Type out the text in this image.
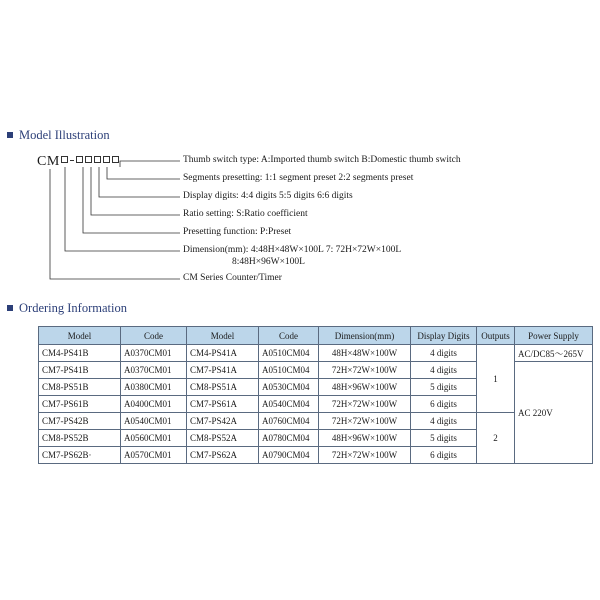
Model Illustration
CM	Thumb switch type: A:Imported thumb switch B:Domestic thumb switch
Segments presetting: 1:1 segment preset 2:2 segments preset
Display digits: 4:4 digits 5:5 digits 6:6 digits
Ratio setting: S:Ratio coefficient
Presetting function: P:Preset
Dimension(mm): 4:48H×48W×100L 7: 72H×72W×100L
8:48H×96W×100L
CM Series Counter/Timer
Ordering Information
Model	Code	Model	Code	Dimension(mm)	Display Digits	Outputs	Power Supply
CM4-PS41B	A0370CM01	CM4-PS41A	A0510CM04	48H×48W×100W	4 digits	1	AC/DC85～265V
CM7-PS41B	A0370CM01	CM7-PS41A	A0510CM04	72H×72W×100W	4 digits		AC 220V
CM8-PS51B	A0380CM01	CM8-PS51A	A0530CM04	48H×96W×100W	5 digits		
CM7-PS61B	A0400CM01	CM7-PS61A	A0540CM04	72H×72W×100W	6 digits		
CM7-PS42B	A0540CM01	CM7-PS42A	A0760CM04	72H×72W×100W	4 digits	2	
CM8-PS52B	A0560CM01	CM8-PS52A	A0780CM04	48H×96W×100W	5 digits		
CM7-PS62B·	A0570CM01	CM7-PS62A	A0790CM04	72H×72W×100W	6 digits		
